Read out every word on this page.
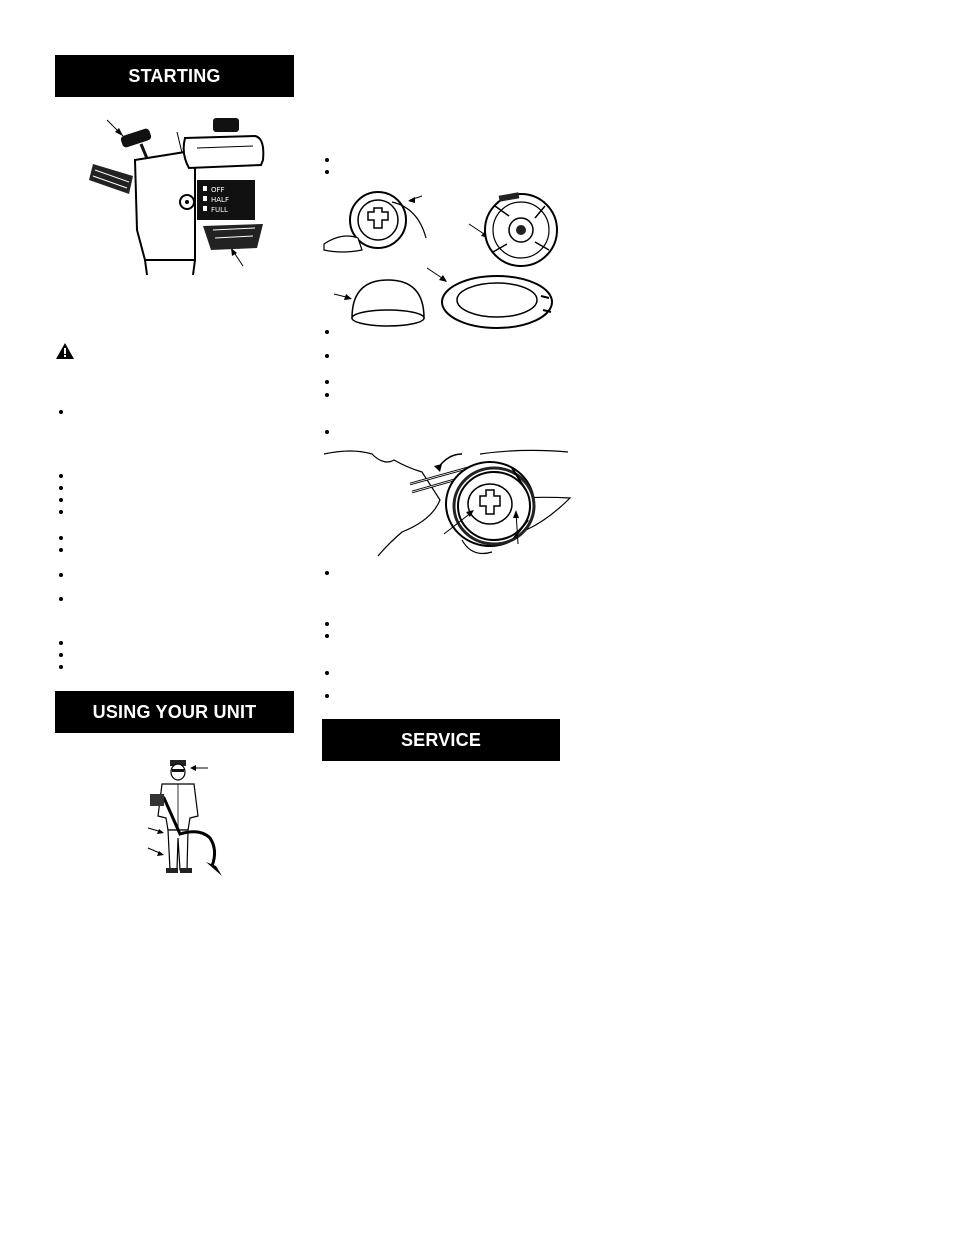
STARTING
USING YOUR UNIT
SERVICE
OFF
HALF
FULL
